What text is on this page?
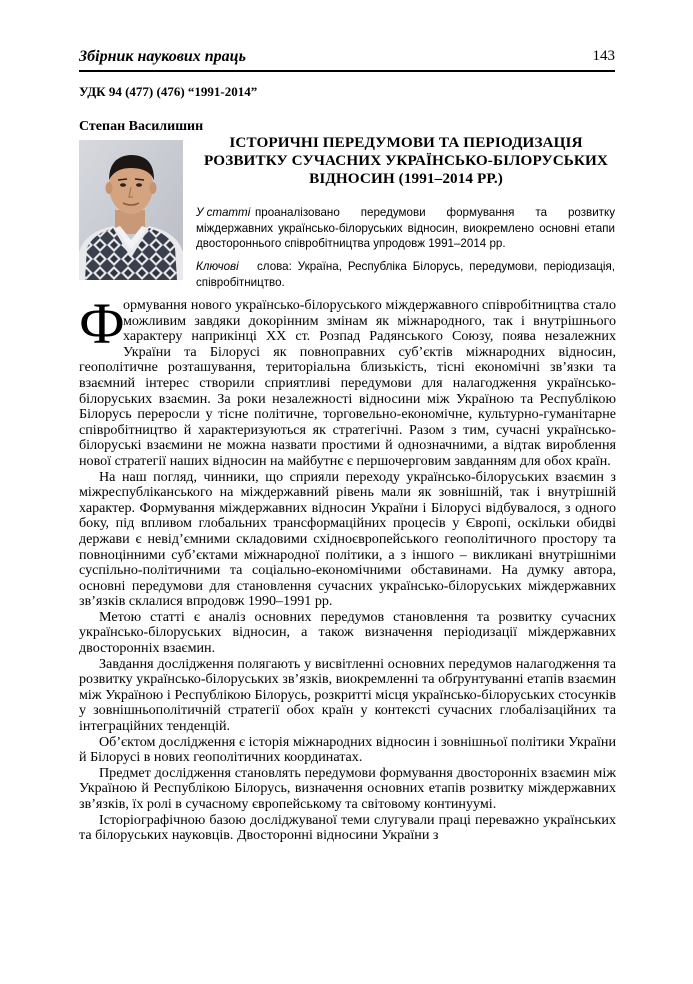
Збірник наукових праць	143
УДК 94 (477) (476) “1991-2014”
Степан Василишин
ІСТОРИЧНІ ПЕРЕДУМОВИ ТА ПЕРІОДИЗАЦІЯ
РОЗВИТКУ СУЧАСНИХ УКРАЇНСЬКО-БІЛОРУСЬКИХ
ВІДНОСИН (1991–2014 РР.)
У статті проаналізовано передумови формування та розвитку міждержавних українсько-білоруських відносин, виокремлено основні етапи двостороннього співробітництва упродовж 1991–2014 рр.
Ключові	слова: Україна, Республіка Білорусь, передумови, періодизація, співробітництво.

Ф
ормування нового українсько-білоруського міждержавного співробітництва стало можливим завдяки докорінним змінам як міжнародного, так і внутрішнього характеру наприкінці ХХ ст. Розпад Радянського Союзу, поява незалежних України та Білорусі як повноправних суб’єктів міжнародних відносин, геополітичне розташування, територіальна близькість, тісні економічні зв’язки та взаємний інтерес створили сприятливі передумови для налагодження українсько-білоруських взаємин. За роки незалежності відносини між Україною та Республікою Білорусь переросли у тісне політичне, торговельно-економічне, культурно-гуманітарне співробітництво й характеризуються як стратегічні. Разом з тим, сучасні українсько-білоруські взаємини не можна назвати простими й однозначними, а відтак вироблення нової стратегії наших відносин на майбутнє є першочерговим завданням для обох країн.

На наш погляд, чинники, що сприяли переходу українсько-білоруських взаємин з міжреспубліканського на міждержавний рівень мали як зовнішній, так і внутрішній характер. Формування міждержавних відносин України і Білорусі відбувалося, з одного боку, під впливом глобальних трансформаційних процесів у Європі, оскільки обидві держави є невід’ємними складовими східноєвропейського геополітичного простору та повноцінними суб’єктами міжнародної політики, а з іншого – викликані внутрішніми суспільно-політичними та соціально-економічними обставинами. На думку автора, основні передумови для становлення сучасних українсько-білоруських міждержавних зв’язків склалися впродовж 1990–1991 рр.

Метою статті є аналіз основних передумов становлення та розвитку сучасних українсько-білоруських відносин, а також визначення періодизації міждержавних двосторонніх взаємин.

Завдання дослідження полягають у висвітленні основних передумов налагодження та розвитку українсько-білоруських зв’язків, виокремленні та обґрунтуванні етапів взаємин між Україною і Республікою Білорусь, розкритті місця українсько-білоруських стосунків у зовнішньополітичній стратегії обох країн у контексті сучасних глобалізаційних та інтеграційних тенденцій.

Об’єктом дослідження є історія міжнародних відносин і зовнішньої політики України й Білорусі в нових геополітичних координатах.

Предмет дослідження становлять передумови формування двосторонніх взаємин між Україною й Республікою Білорусь, визначення основних етапів розвитку міждержавних зв’язків, їх ролі в сучасному європейському та світовому континуумі.

Історіографічною базою досліджуваної теми слугували праці переважно українських та білоруських науковців. Двосторонні відносини України з
